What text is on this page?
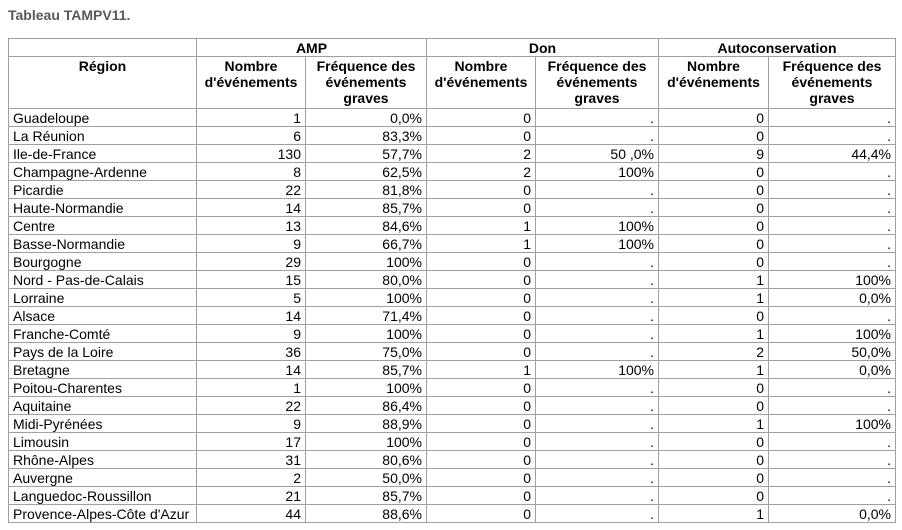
Tableau TAMPV11.
	AMP		Don		Autoconservation	
Région	Nombre d'événements	Fréquence des événements graves	Nombre d'événements	Fréquence des événements graves	Nombre d'événements	Fréquence des événements graves
Guadeloupe	1	0,0%	0	.	0	.
La Réunion	6	83,3%	0	.	0	.
Ile-de-France	130	57,7%	2	50 ,0%	9	44,4%
Champagne-Ardenne	8	62,5%	2	100%	0	.
Picardie	22	81,8%	0	.	0	.
Haute-Normandie	14	85,7%	0	.	0	.
Centre	13	84,6%	1	100%	0	.
Basse-Normandie	9	66,7%	1	100%	0	.
Bourgogne	29	100%	0	.	0	.
Nord - Pas-de-Calais	15	80,0%	0	.	1	100%
Lorraine	5	100%	0	.	1	0,0%
Alsace	14	71,4%	0	.	0	.
Franche-Comté	9	100%	0	.	1	100%
Pays de la Loire	36	75,0%	0	.	2	50,0%
Bretagne	14	85,7%	1	100%	1	0,0%
Poitou-Charentes	1	100%	0	.	0	.
Aquitaine	22	86,4%	0	.	0	.
Midi-Pyrénées	9	88,9%	0	.	1	100%
Limousin	17	100%	0	.	0	.
Rhône-Alpes	31	80,6%	0	.	0	.
Auvergne	2	50,0%	0	.	0	.
Languedoc-Roussillon	21	85,7%	0	.	0	.
Provence-Alpes-Côte d'Azur	44	88,6%	0	.	1	0,0%
